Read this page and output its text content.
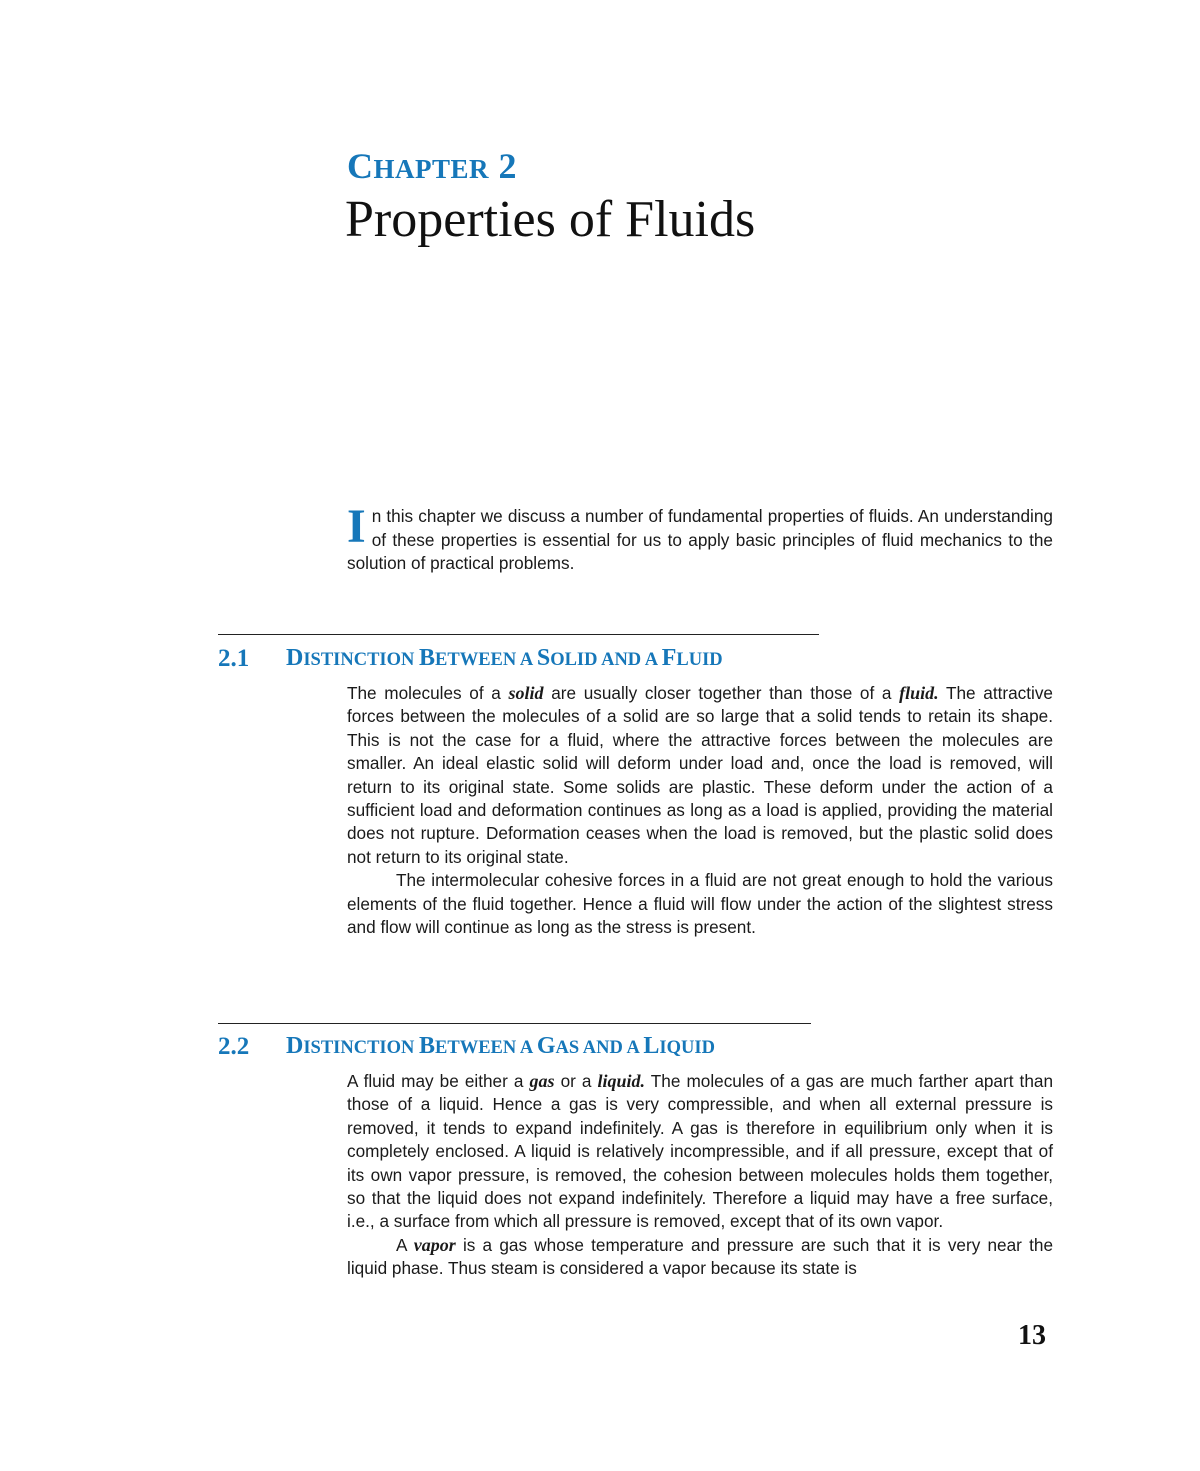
CHAPTER 2
Properties of Fluids
In this chapter we discuss a number of fundamental properties of fluids. An understanding of these properties is essential for us to apply basic principles of fluid mechanics to the solution of practical problems.
2.1 DISTINCTION BETWEEN A SOLID AND A FLUID

The molecules of a solid are usually closer together than those of a fluid. The attractive forces between the molecules of a solid are so large that a solid tends to retain its shape. This is not the case for a fluid, where the attractive forces between the molecules are smaller. An ideal elastic solid will deform under load and, once the load is removed, will return to its original state. Some solids are plastic. These deform under the action of a sufficient load and deformation continues as long as a load is applied, providing the material does not rupture. Deformation ceases when the load is removed, but the plastic solid does not return to its original state.

The intermolecular cohesive forces in a fluid are not great enough to hold the various elements of the fluid together. Hence a fluid will flow under the action of the slightest stress and flow will continue as long as the stress is present.

2.2 DISTINCTION BETWEEN A GAS AND A LIQUID

A fluid may be either a gas or a liquid. The molecules of a gas are much farther apart than those of a liquid. Hence a gas is very compressible, and when all external pressure is removed, it tends to expand indefinitely. A gas is therefore in equilibrium only when it is completely enclosed. A liquid is relatively incompressible, and if all pressure, except that of its own vapor pressure, is removed, the cohesion between molecules holds them together, so that the liquid does not expand indefinitely. Therefore a liquid may have a free surface, i.e., a surface from which all pressure is removed, except that of its own vapor.

A vapor is a gas whose temperature and pressure are such that it is very near the liquid phase. Thus steam is considered a vapor because its state is

13
